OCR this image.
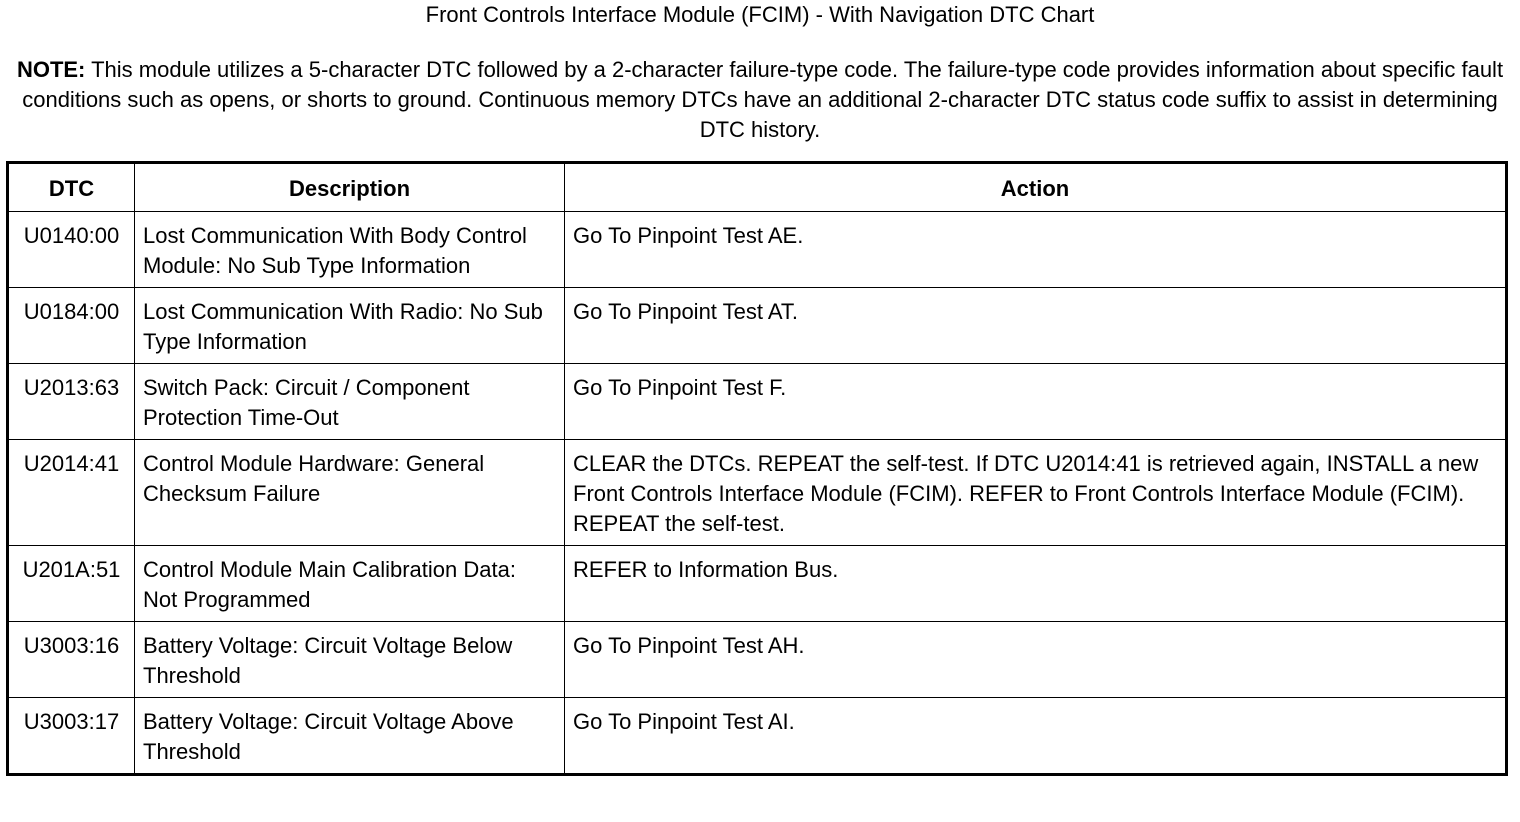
Front Controls Interface Module (FCIM) - With Navigation DTC Chart
NOTE: This module utilizes a 5-character DTC followed by a 2-character failure-type code. The failure-type code provides information about specific fault conditions such as opens, or shorts to ground. Continuous memory DTCs have an additional 2-character DTC status code suffix to assist in determining DTC history.
DTC	Description	Action
U0140:00	Lost Communication With Body Control Module: No Sub Type Information	Go To Pinpoint Test AE.
U0184:00	Lost Communication With Radio: No Sub Type Information	Go To Pinpoint Test AT.
U2013:63	Switch Pack: Circuit / Component Protection Time-Out	Go To Pinpoint Test F.
U2014:41	Control Module Hardware: General Checksum Failure	CLEAR the DTCs. REPEAT the self-test. If DTC U2014:41 is retrieved again, INSTALL a new Front Controls Interface Module (FCIM). REFER to Front Controls Interface Module (FCIM). REPEAT the self-test.
U201A:51	Control Module Main Calibration Data: Not Programmed	REFER to Information Bus.
U3003:16	Battery Voltage: Circuit Voltage Below Threshold	Go To Pinpoint Test AH.
U3003:17	Battery Voltage: Circuit Voltage Above Threshold	Go To Pinpoint Test AI.
